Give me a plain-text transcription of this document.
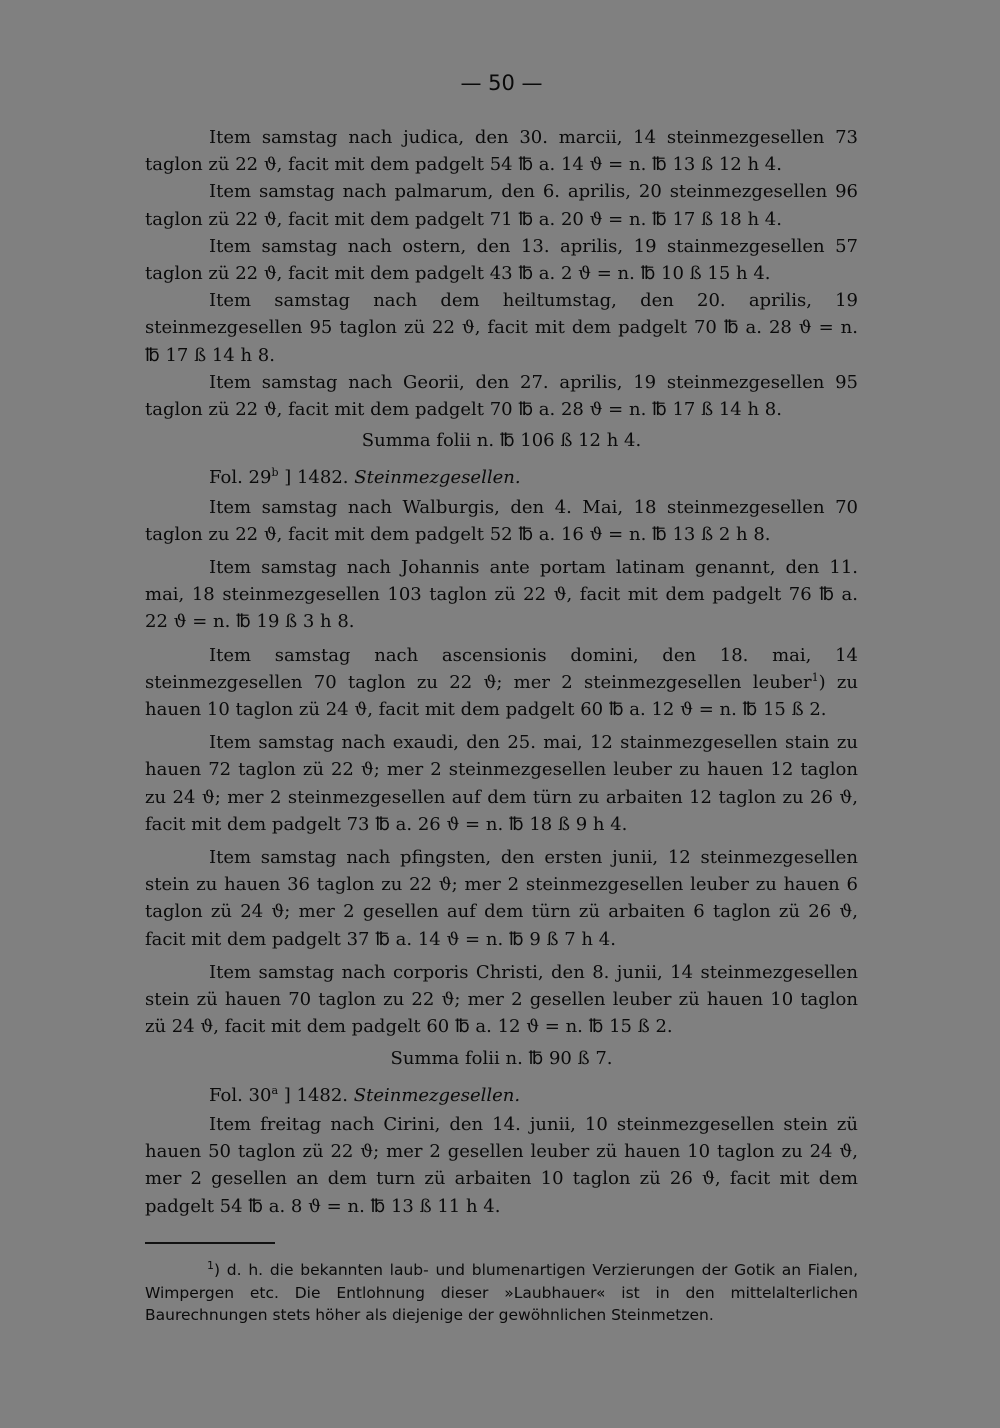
— 50 —

Item samstag nach judica, den 30. marcii, 14 steinmezgesellen 73 taglon zü 22 ϑ, facit mit dem padgelt 54 ℔ a. 14 ϑ = n. ℔ 13 ß 12 h 4.

Item samstag nach palmarum, den 6. aprilis, 20 steinmezgesellen 96 taglon zü 22 ϑ, facit mit dem padgelt 71 ℔ a. 20 ϑ = n. ℔ 17 ß 18 h 4.

Item samstag nach ostern, den 13. aprilis, 19 stainmezgesellen 57 taglon zü 22 ϑ, facit mit dem padgelt 43 ℔ a. 2 ϑ = n. ℔ 10 ß 15 h 4.

Item samstag nach dem heiltumstag, den 20. aprilis, 19 steinmezgesellen 95 taglon zü 22 ϑ, facit mit dem padgelt 70 ℔ a. 28 ϑ = n. ℔ 17 ß 14 h 8.

Item samstag nach Georii, den 27. aprilis, 19 steinmezgesellen 95 taglon zü 22 ϑ, facit mit dem padgelt 70 ℔ a. 28 ϑ = n. ℔ 17 ß 14 h 8.

Summa folii n. ℔ 106 ß 12 h 4.

Fol. 29$^b$ ] 1482. Steinmezgesellen.

Item samstag nach Walburgis, den 4. Mai, 18 steinmezgesellen 70 taglon zu 22 ϑ, facit mit dem padgelt 52 ℔ a. 16 ϑ = n. ℔ 13 ß 2 h 8.

Item samstag nach Johannis ante portam latinam genannt, den 11. mai, 18 steinmezgesellen 103 taglon zü 22 ϑ, facit mit dem padgelt 76 ℔ a. 22 ϑ = n. ℔ 19 ß 3 h 8.

Item samstag nach ascensionis domini, den 18. mai, 14 steinmezgesellen 70 taglon zu 22 ϑ; mer 2 steinmezgesellen leuber$^1$) zu hauen 10 taglon zü 24 ϑ, facit mit dem padgelt 60 ℔ a. 12 ϑ = n. ℔ 15 ß 2.

Item samstag nach exaudi, den 25. mai, 12 stainmezgesellen stain zu hauen 72 taglon zü 22 ϑ; mer 2 steinmezgesellen leuber zu hauen 12 taglon zu 24 ϑ; mer 2 steinmezgesellen auf dem türn zu arbaiten 12 taglon zu 26 ϑ, facit mit dem padgelt 73 ℔ a. 26 ϑ = n. ℔ 18 ß 9 h 4.

Item samstag nach pfingsten, den ersten junii, 12 steinmezgesellen stein zu hauen 36 taglon zu 22 ϑ; mer 2 steinmezgesellen leuber zu hauen 6 taglon zü 24 ϑ; mer 2 gesellen auf dem türn zü arbaiten 6 taglon zü 26 ϑ, facit mit dem padgelt 37 ℔ a. 14 ϑ = n. ℔ 9 ß 7 h 4.

Item samstag nach corporis Christi, den 8. junii, 14 steinmezgesellen stein zü hauen 70 taglon zu 22 ϑ; mer 2 gesellen leuber zü hauen 10 taglon zü 24 ϑ, facit mit dem padgelt 60 ℔ a. 12 ϑ = n. ℔ 15 ß 2.

Summa folii n. ℔ 90 ß 7.

Fol. 30$^a$ ] 1482. Steinmezgesellen.

Item freitag nach Cirini, den 14. junii, 10 steinmezgesellen stein zü hauen 50 taglon zü 22 ϑ; mer 2 gesellen leuber zü hauen 10 taglon zu 24 ϑ, mer 2 gesellen an dem turn zü arbaiten 10 taglon zü 26 ϑ, facit mit dem padgelt 54 ℔ a. 8 ϑ = n. ℔ 13 ß 11 h 4.

$^1$) d. h. die bekannten laub- und blumenartigen Verzierungen der Gotik an Fialen, Wimpergen etc. Die Entlohnung dieser »Laubhauer« ist in den mittelalterlichen Baurechnungen stets höher als diejenige der gewöhnlichen Steinmetzen.
